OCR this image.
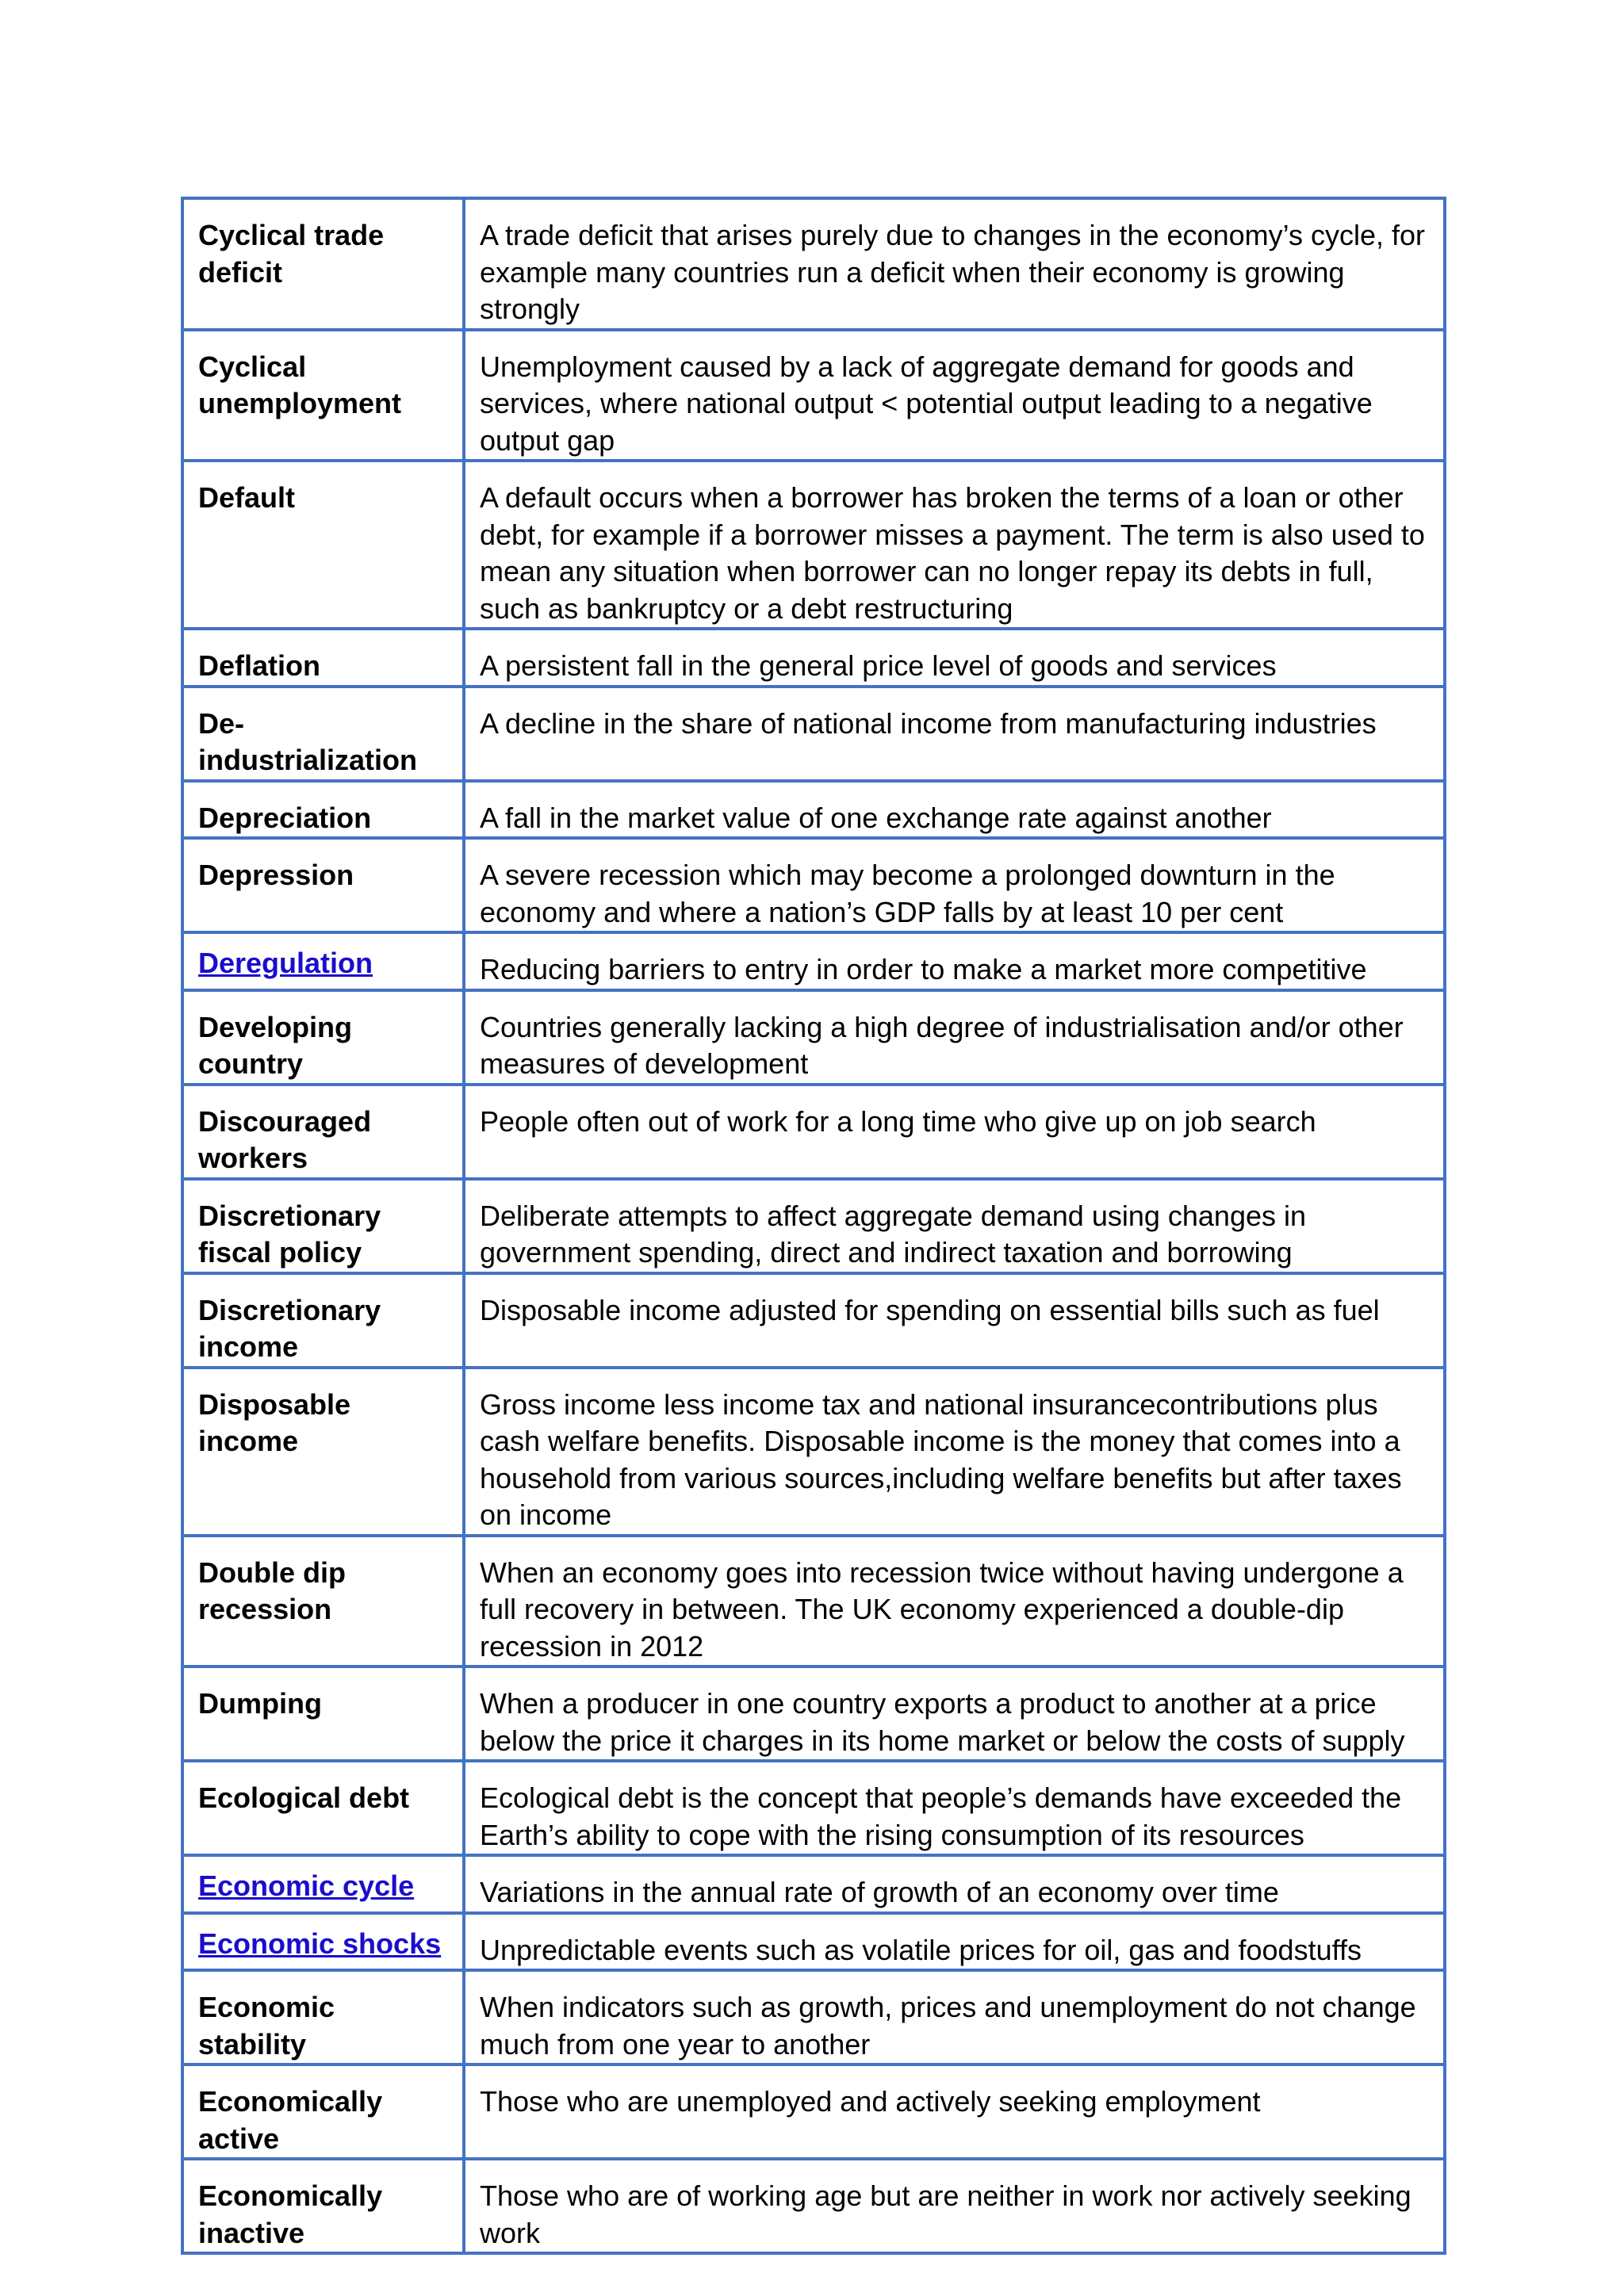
Cyclical trade deficit	A trade deficit that arises purely due to changes in the economy’s cycle, for example many countries run a deficit when their economy is growing strongly
Cyclical unemployment	Unemployment caused by a lack of aggregate demand for goods and services, where national output < potential output leading to a negative output gap
Default	A default occurs when a borrower has broken the terms of a loan or other debt, for example if a borrower misses a payment. The term is also used to mean any situation when borrower can no longer repay its debts in full, such as bankruptcy or a debt restructuring
Deflation	A persistent fall in the general price level of goods and services
De-industrialization	A decline in the share of national income from manufacturing industries
Depreciation	A fall in the market value of one exchange rate against another
Depression	A severe recession which may become a prolonged downturn in the economy and where a nation’s GDP falls by at least 10 per cent
Deregulation	Reducing barriers to entry in order to make a market more competitive
Developing country	Countries generally lacking a high degree of industrialisation and/or other measures of development
Discouraged workers	People often out of work for a long time who give up on job search
Discretionary fiscal policy	Deliberate attempts to affect aggregate demand using changes in government spending, direct and indirect taxation and borrowing
Discretionary income	Disposable income adjusted for spending on essential bills such as fuel
Disposable income	Gross income less income tax and national insurancecontributions plus cash welfare benefits. Disposable income is the money that comes into a household from various sources,including welfare benefits but after taxes on income
Double dip recession	When an economy goes into recession twice without having undergone a full recovery in between. The UK economy experienced a double-dip recession in 2012
Dumping	When a producer in one country exports a product to another at a price below the price it charges in its home market or below the costs of supply
Ecological debt	Ecological debt is the concept that people’s demands have exceeded the Earth’s ability to cope with the rising consumption of its resources
Economic cycle	Variations in the annual rate of growth of an economy over time
Economic shocks	Unpredictable events such as volatile prices for oil, gas and foodstuffs
Economic stability	When indicators such as growth, prices and unemployment do not change much from one year to another
Economically active	Those who are unemployed and actively seeking employment
Economically inactive	Those who are of working age but are neither in work nor actively seeking work
